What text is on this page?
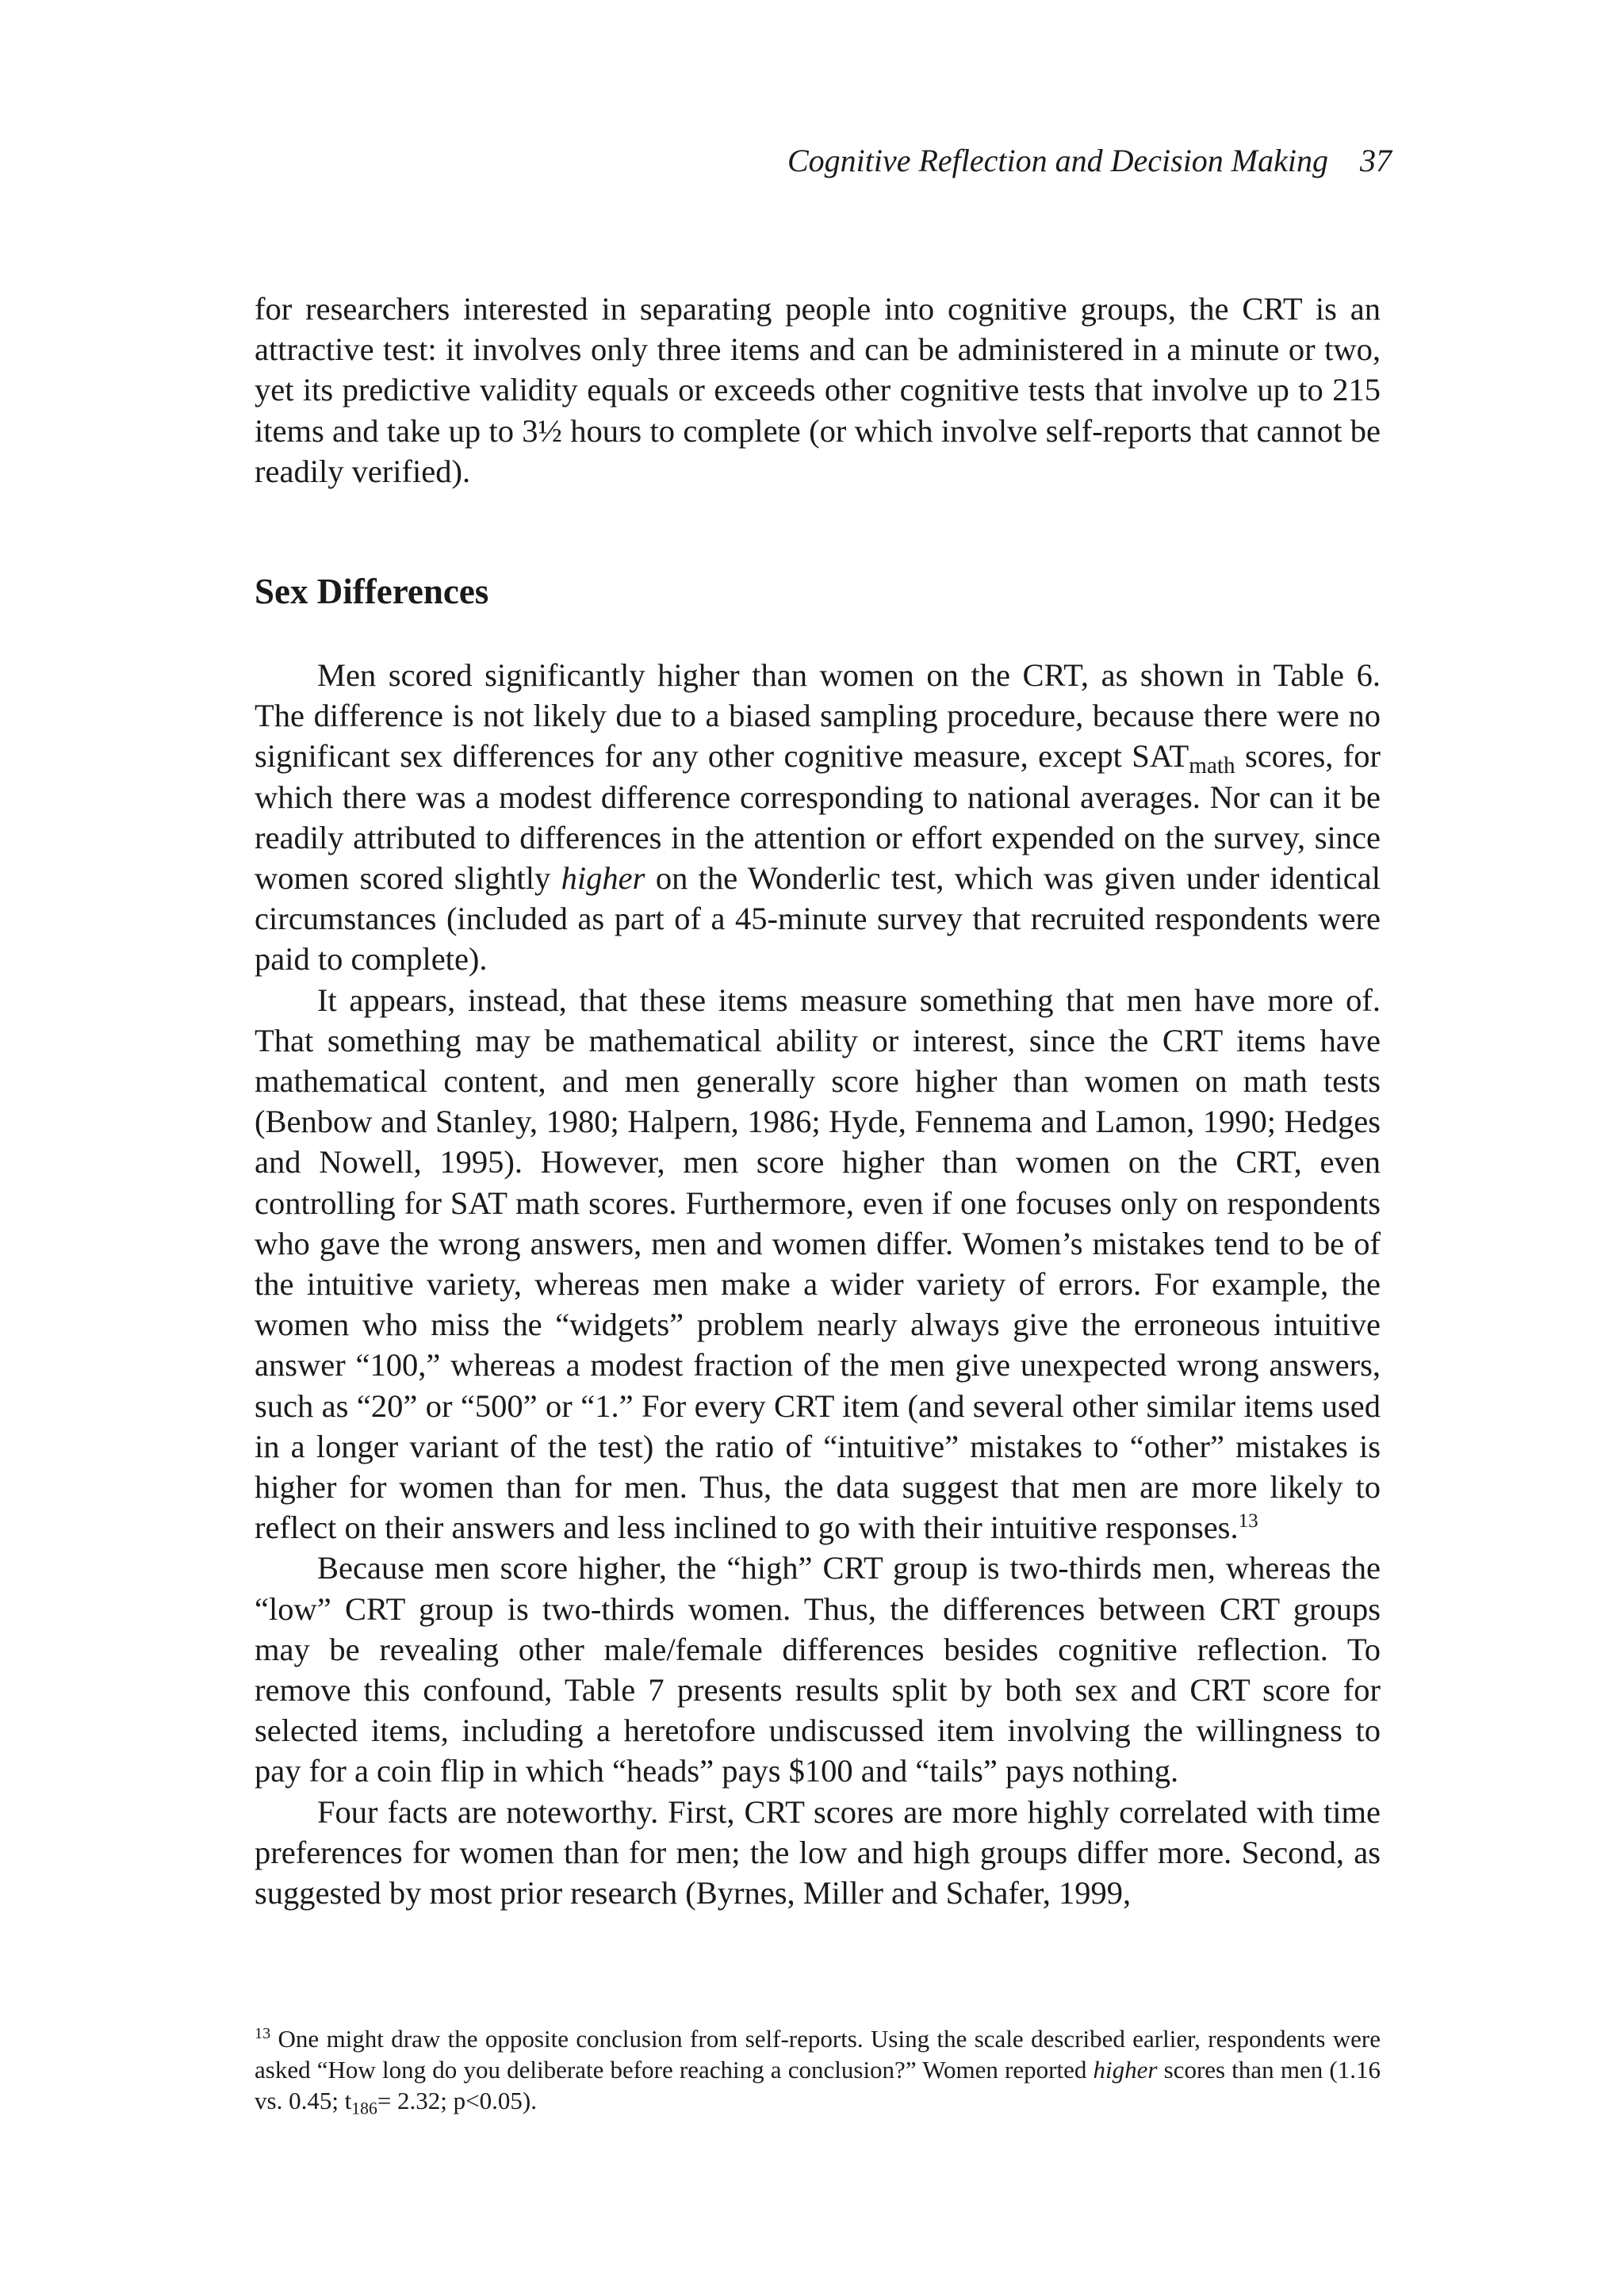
Cognitive Reflection and Decision Making 37

for researchers interested in separating people into cognitive groups, the CRT is an attractive test: it involves only three items and can be administered in a minute or two, yet its predictive validity equals or exceeds other cognitive tests that involve up to 215 items and take up to 3½ hours to complete (or which involve self-reports that cannot be readily verified).

Sex Differences

Men scored significantly higher than women on the CRT, as shown in Table 6. The difference is not likely due to a biased sampling procedure, because there were no significant sex differences for any other cognitive measure, except $SAT_{math}$ scores, for which there was a modest difference corresponding to national averages. Nor can it be readily attributed to differences in the attention or effort expended on the survey, since women scored slightly higher on the Wonderlic test, which was given under identical circumstances (included as part of a 45-minute survey that recruited respondents were paid to complete).

It appears, instead, that these items measure something that men have more of. That something may be mathematical ability or interest, since the CRT items have mathematical content, and men generally score higher than women on math tests (Benbow and Stanley, 1980; Halpern, 1986; Hyde, Fennema and Lamon, 1990; Hedges and Nowell, 1995). However, men score higher than women on the CRT, even controlling for SAT math scores. Furthermore, even if one focuses only on respondents who gave the wrong answers, men and women differ. Women’s mistakes tend to be of the intuitive variety, whereas men make a wider variety of errors. For example, the women who miss the “widgets” problem nearly always give the erroneous intuitive answer “100,” whereas a modest fraction of the men give unexpected wrong answers, such as “20” or “500” or “1.” For every CRT item (and several other similar items used in a longer variant of the test) the ratio of “intuitive” mistakes to “other” mistakes is higher for women than for men. Thus, the data suggest that men are more likely to reflect on their answers and less inclined to go with their intuitive responses.$^{13}$

Because men score higher, the “high” CRT group is two-thirds men, whereas the “low” CRT group is two-thirds women. Thus, the differences between CRT groups may be revealing other male/female differences besides cognitive reflection. To remove this confound, Table 7 presents results split by both sex and CRT score for selected items, including a heretofore undiscussed item involving the willingness to pay for a coin flip in which “heads” pays $100 and “tails” pays nothing.

Four facts are noteworthy. First, CRT scores are more highly correlated with time preferences for women than for men; the low and high groups differ more. Second, as suggested by most prior research (Byrnes, Miller and Schafer, 1999,

$^{13}$ One might draw the opposite conclusion from self-reports. Using the scale described earlier, respondents were asked “How long do you deliberate before reaching a conclusion?” Women reported higher scores than men (1.16 vs. 0.45; $t_{186}= 2.32$; p<0.05).
